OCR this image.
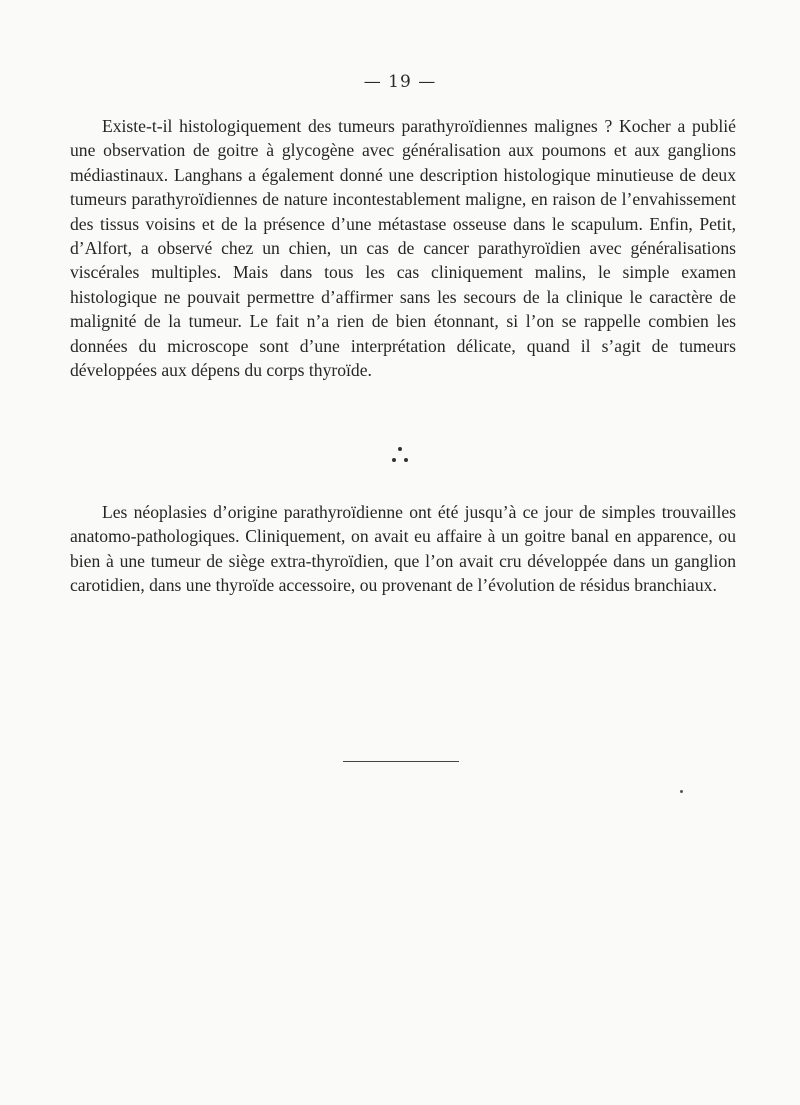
— 19 —

Existe-t-il histologiquement des tumeurs parathyroïdiennes malignes ? Kocher a publié une observation de goitre à glycogène avec généralisation aux poumons et aux ganglions médiastinaux. Langhans a également donné une description histologique minutieuse de deux tumeurs parathyroïdiennes de nature incontestablement maligne, en raison de l’envahissement des tissus voisins et de la présence d’une métastase osseuse dans le scapulum. Enfin, Petit, d’Alfort, a observé chez un chien, un cas de cancer parathyroïdien avec généralisations viscérales multiples. Mais dans tous les cas cliniquement malins, le simple examen histologique ne pouvait permettre d’affirmer sans les secours de la clinique le caractère de malignité de la tumeur. Le fait n’a rien de bien étonnant, si l’on se rappelle combien les données du microscope sont d’une interprétation délicate, quand il s’agit de tumeurs développées aux dépens du corps thyroïde.

Les néoplasies d’origine parathyroïdienne ont été jusqu’à ce jour de simples trouvailles anatomo-pathologiques. Cliniquement, on avait eu affaire à un goitre banal en apparence, ou bien à une tumeur de siège extra-thyroïdien, que l’on avait cru développée dans un ganglion carotidien, dans une thyroïde accessoire, ou provenant de l’évolution de résidus branchiaux.
